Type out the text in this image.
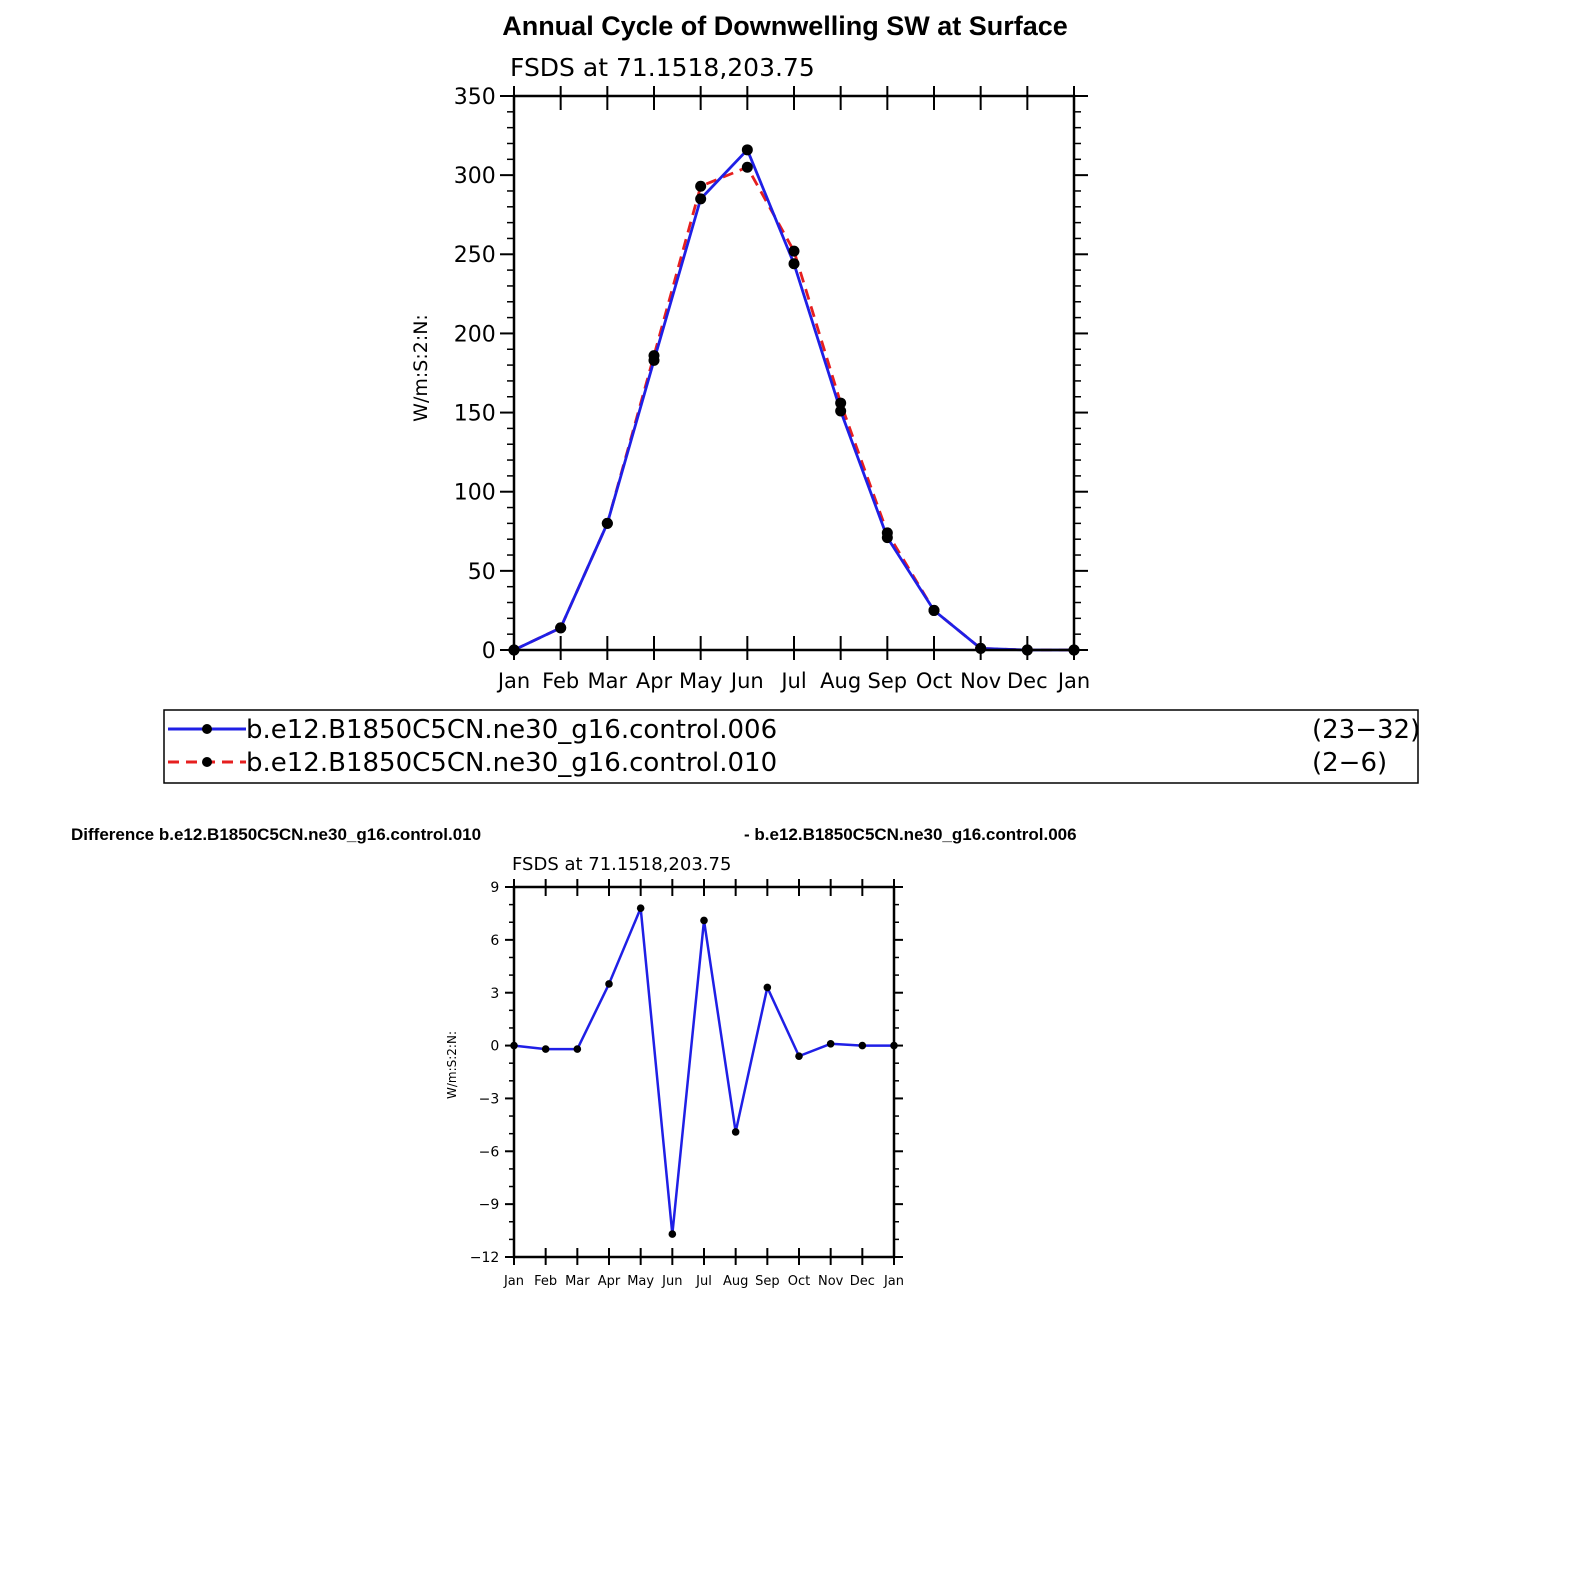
Annual Cycle of Downwelling SW at Surface
FSDS at 71.1518,203.75
W/m:S:2:N:
Jan Feb Mar Apr May Jun Jul Aug Sep Oct Nov Dec Jan
0
50
100
150
200
250
300
350
b.e12.B1850C5CN.ne30_g16.control.006	(23−32)
b.e12.B1850C5CN.ne30_g16.control.010	(2−6)
Difference b.e12.B1850C5CN.ne30_g16.control.010	- b.e12.B1850C5CN.ne30_g16.control.006
FSDS at 71.1518,203.75
W/m:S:2:N:
Jan Feb Mar Apr May Jun Jul Aug Sep Oct Nov Dec Jan
−12
−9
−6
−3
0
3
6
9
